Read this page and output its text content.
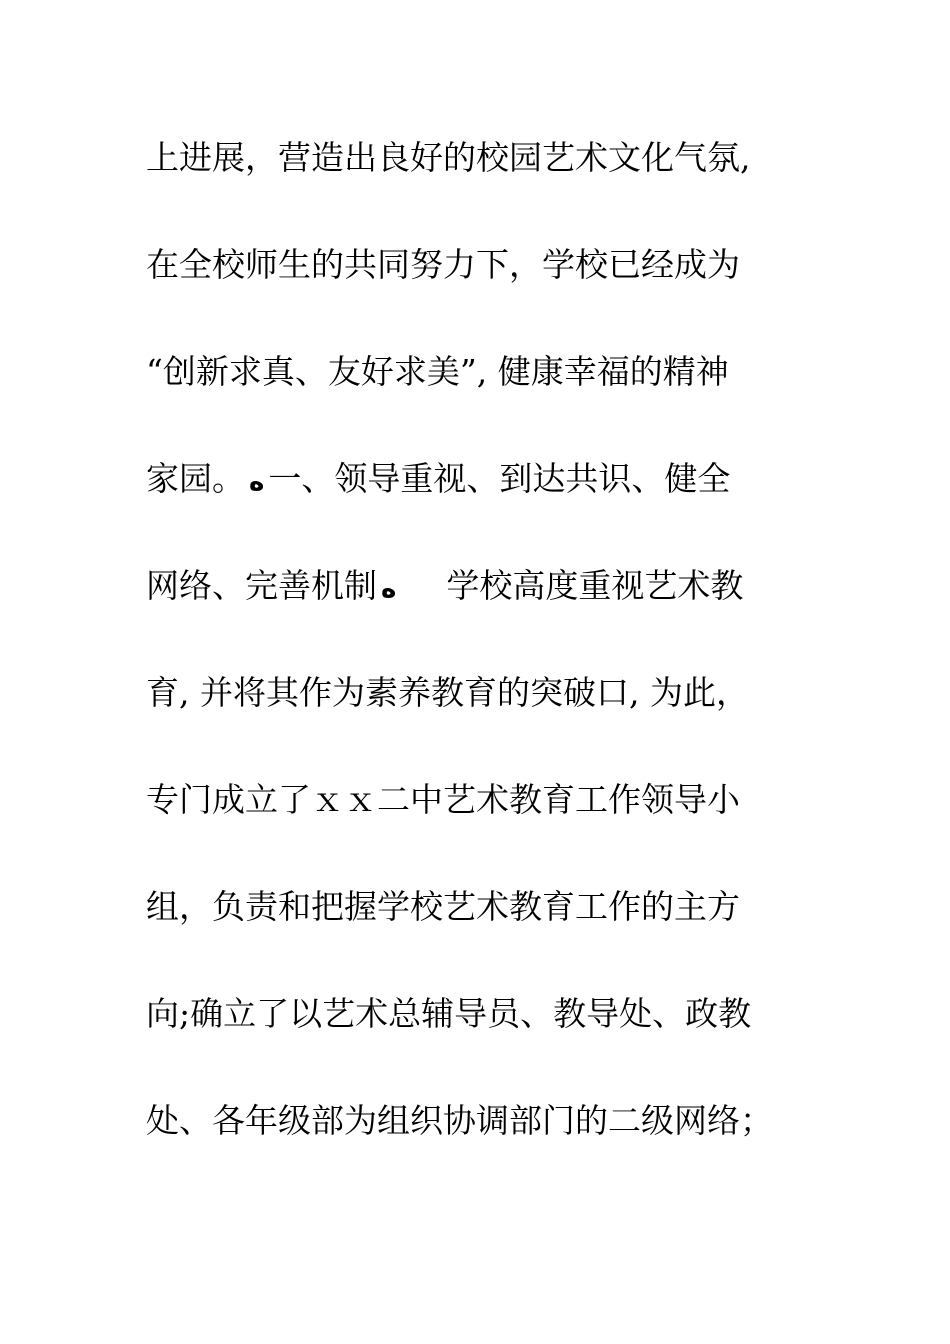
上进展，营造出良好的校园艺术文化气氛,
在全校师生的共同努力下，学校已经成为
“创新求真、友好求美”, 健康幸福的精神
家园。 ﻩ 一、领导重视、到达共识、健全
网络、完善机制 ﻩ 学校高度重视艺术教
育, 并将其作为素养教育的突破口, 为此，
专门成立了ｘｘ二中艺术教育工作领导小
组，负责和把握学校艺术教育工作的主方
向;确立了以艺术总辅导员、教导处、政教
处、各年级部为组织协调部门的二级网络；
